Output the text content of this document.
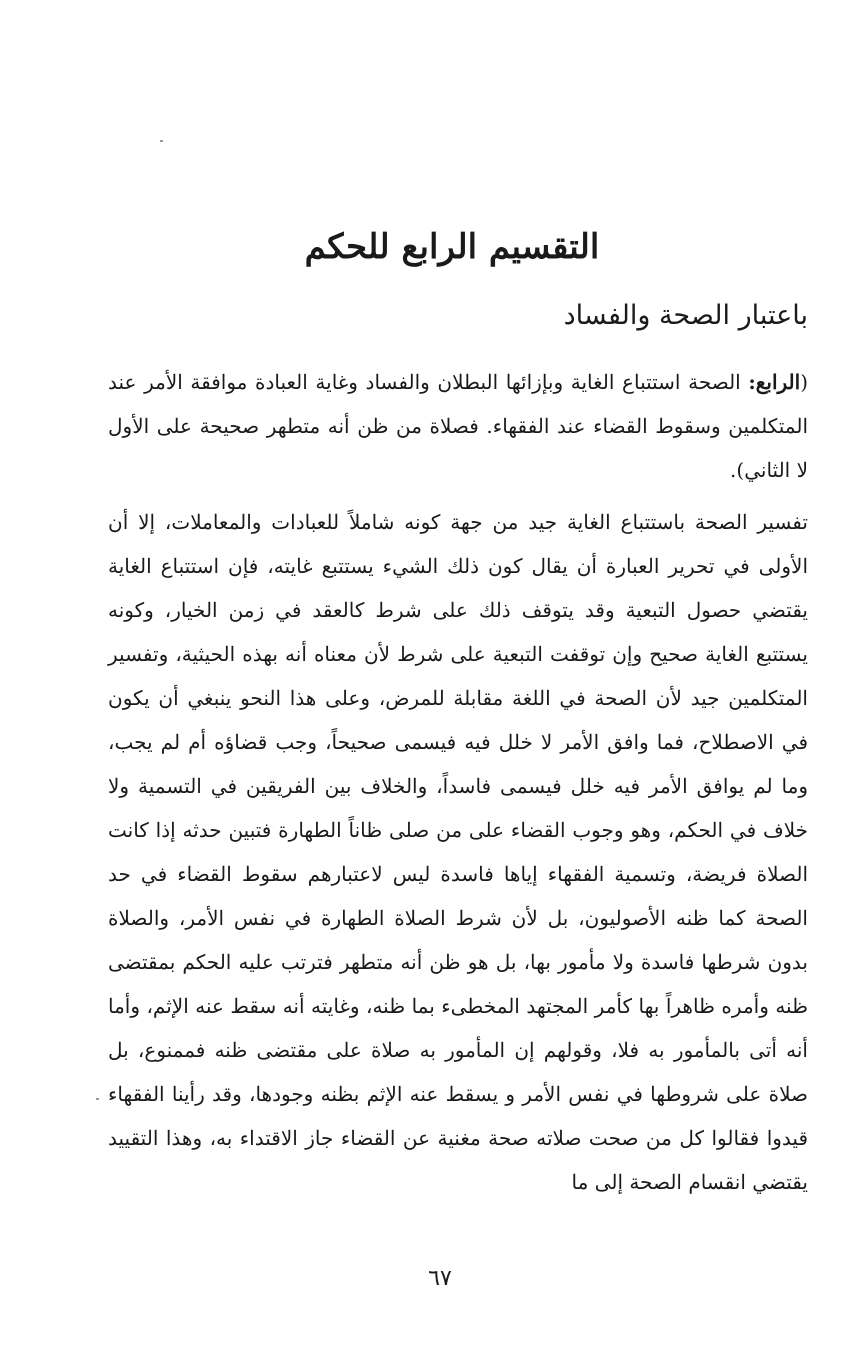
التقسيم الرابع للحكم
باعتبار الصحة والفساد
(الرابع: الصحة استتباع الغاية وبإزائها البطلان والفساد وغاية العبادة موافقة الأمر عند المتكلمين وسقوط القضاء عند الفقهاء. فصلاة من ظن أنه متطهر صحيحة على الأول لا الثاني).
تفسير الصحة باستتباع الغاية جيد من جهة كونه شاملاً للعبادات والمعاملات، إلا أن الأولى في تحرير العبارة أن يقال كون ذلك الشيء يستتبع غايته، فإن استتباع الغاية يقتضي حصول التبعية وقد يتوقف ذلك على شرط كالعقد في زمن الخيار، وكونه يستتبع الغاية صحيح وإن توقفت التبعية على شرط لأن معناه أنه بهذه الحيثية، وتفسير المتكلمين جيد لأن الصحة في اللغة مقابلة للمرض، وعلى هذا النحو ينبغي أن يكون في الاصطلاح، فما وافق الأمر لا خلل فيه فيسمى صحيحاً، وجب قضاؤه أم لم يجب، وما لم يوافق الأمر فيه خلل فيسمى فاسداً، والخلاف بين الفريقين في التسمية ولا خلاف في الحكم، وهو وجوب القضاء على من صلى ظاناً الطهارة فتبين حدثه إذا كانت الصلاة فريضة، وتسمية الفقهاء إياها فاسدة ليس لاعتبارهم سقوط القضاء في حد الصحة كما ظنه الأصوليون، بل لأن شرط الصلاة الطهارة في نفس الأمر، والصلاة بدون شرطها فاسدة ولا مأمور بها، بل هو ظن أنه متطهر فترتب عليه الحكم بمقتضى ظنه وأمره ظاهراً بها كأمر المجتهد المخطىء بما ظنه، وغايته أنه سقط عنه الإثم، وأما أنه أتى بالمأمور به فلا، وقولهم إن المأمور به صلاة على مقتضى ظنه فممنوع، بل صلاة على شروطها في نفس الأمر و يسقط عنه الإثم بظنه وجودها، وقد رأينا الفقهاء قيدوا فقالوا كل من صحت صلاته صحة مغنية عن القضاء جاز الاقتداء به، وهذا التقييد يقتضي انقسام الصحة إلى ما
٦٧
